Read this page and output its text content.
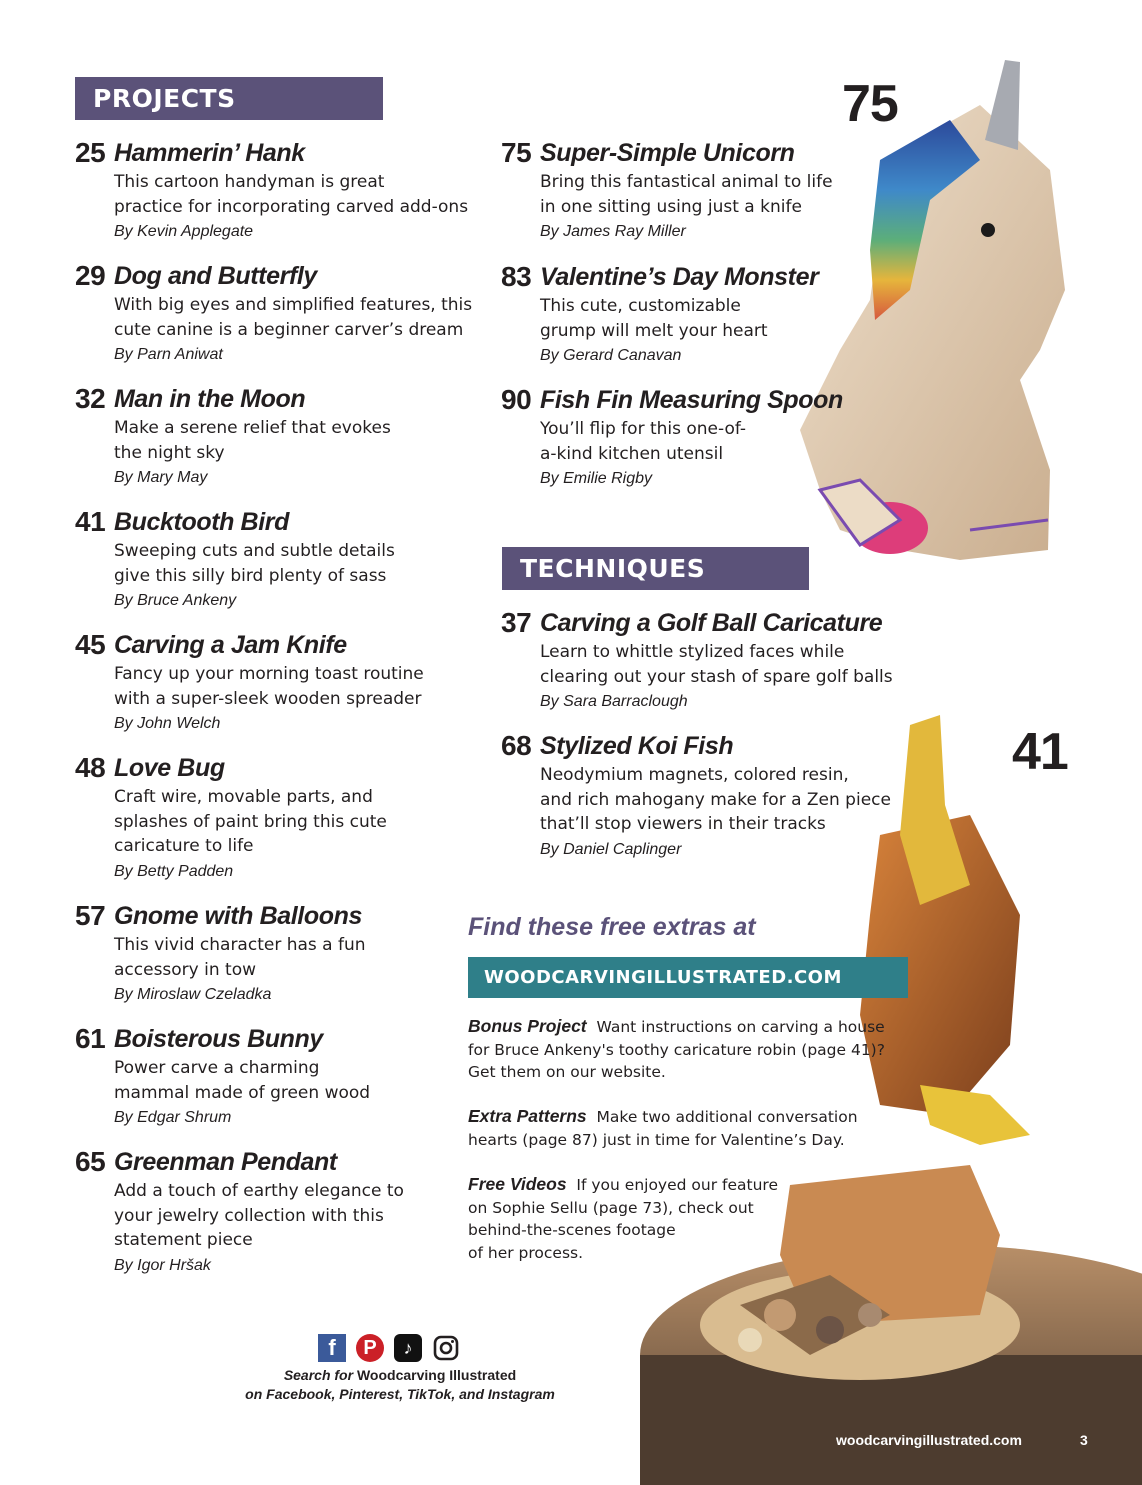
PROJECTS
25 Hammerin’ Hank
This cartoon handyman is great
practice for incorporating carved add-ons
By Kevin Applegate
29 Dog and Butterfly
With big eyes and simplified features, this
cute canine is a beginner carver’s dream
By Parn Aniwat
32 Man in the Moon
Make a serene relief that evokes
the night sky
By Mary May
41 Bucktooth Bird
Sweeping cuts and subtle details
give this silly bird plenty of sass
By Bruce Ankeny
45 Carving a Jam Knife
Fancy up your morning toast routine
with a super-sleek wooden spreader
By John Welch
48 Love Bug
Craft wire, movable parts, and
splashes of paint bring this cute
caricature to life
By Betty Padden
57 Gnome with Balloons
This vivid character has a fun
accessory in tow
By Miroslaw Czeladka
61 Boisterous Bunny
Power carve a charming
mammal made of green wood
By Edgar Shrum
65 Greenman Pendant
Add a touch of earthy elegance to
your jewelry collection with this
statement piece
By Igor Hršak
75 Super-Simple Unicorn
Bring this fantastical animal to life
in one sitting using just a knife
By James Ray Miller
83 Valentine’s Day Monster
This cute, customizable
grump will melt your heart
By Gerard Canavan
90 Fish Fin Measuring Spoon
You’ll flip for this one-of-
a-kind kitchen utensil
By Emilie Rigby
75
41
TECHNIQUES
37 Carving a Golf Ball Caricature
Learn to whittle stylized faces while
clearing out your stash of spare golf balls
By Sara Barraclough
68 Stylized Koi Fish
Neodymium magnets, colored resin,
and rich mahogany make for a Zen piece
that’ll stop viewers in their tracks
By Daniel Caplinger
Find these free extras at
WOODCARVINGILLUSTRATED.COM
Bonus Project Want instructions on carving a house
for Bruce Ankeny's toothy caricature robin (page 41)?
Get them on our website.
Extra Patterns Make two additional conversation
hearts (page 87) just in time for Valentine’s Day.
Free Videos If you enjoyed our feature
on Sophie Sellu (page 73), check out
behind-the-scenes footage
of her process.
f	P	♪
Search for Woodcarving Illustrated
on Facebook, Pinterest, TikTok, and Instagram
woodcarvingillustrated.com	3
